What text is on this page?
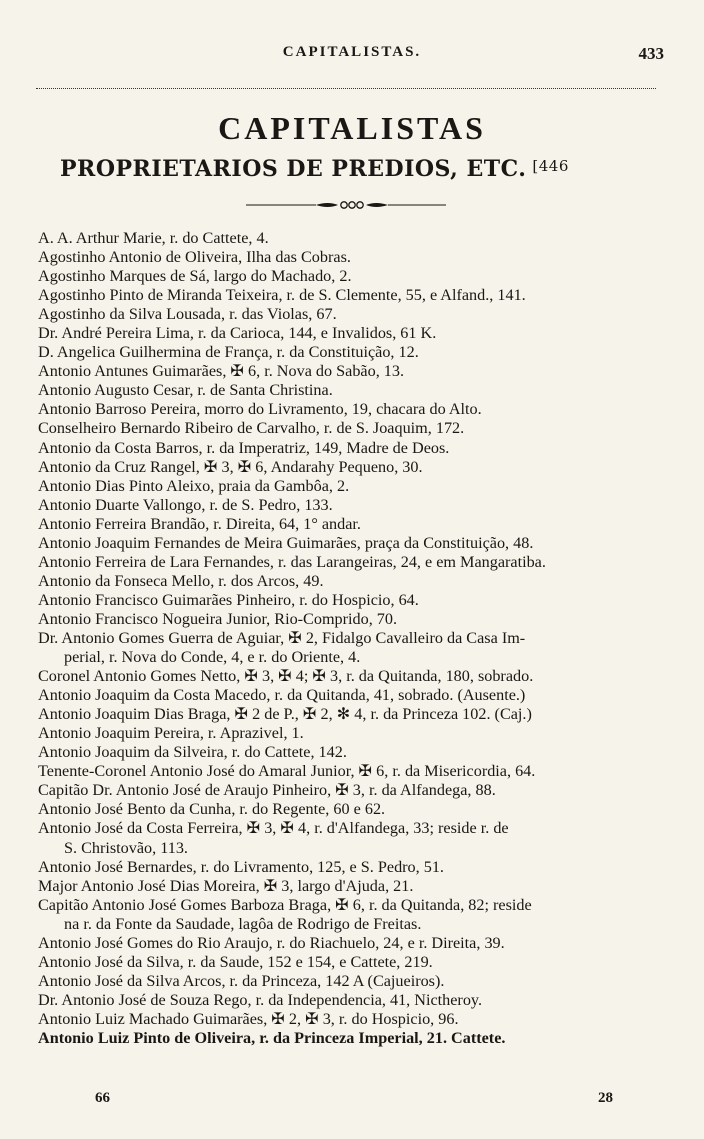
CAPITALISTAS.	433
CAPITALISTAS
PROPRIETARIOS DE PREDIOS, ETC. $^{[446}$
A. A. Arthur Marie, r. do Cattete, 4.
Agostinho Antonio de Oliveira, Ilha das Cobras.
Agostinho Marques de Sá, largo do Machado, 2.
Agostinho Pinto de Miranda Teixeira, r. de S. Clemente, 55, e Alfand., 141.
Agostinho da Silva Lousada, r. das Violas, 67.
Dr. André Pereira Lima, r. da Carioca, 144, e Invalidos, 61 K.
D. Angelica Guilhermina de França, r. da Constituição, 12.
Antonio Antunes Guimarães, ✠ 6, r. Nova do Sabão, 13.
Antonio Augusto Cesar, r. de Santa Christina.
Antonio Barroso Pereira, morro do Livramento, 19, chacara do Alto.
Conselheiro Bernardo Ribeiro de Carvalho, r. de S. Joaquim, 172.
Antonio da Costa Barros, r. da Imperatriz, 149, Madre de Deos.
Antonio da Cruz Rangel, ✠ 3, ✠ 6, Andarahy Pequeno, 30.
Antonio Dias Pinto Aleixo, praia da Gambôa, 2.
Antonio Duarte Vallongo, r. de S. Pedro, 133.
Antonio Ferreira Brandão, r. Direita, 64, 1° andar.
Antonio Joaquim Fernandes de Meira Guimarães, praça da Constituição, 48.
Antonio Ferreira de Lara Fernandes, r. das Larangeiras, 24, e em Mangaratiba.
Antonio da Fonseca Mello, r. dos Arcos, 49.
Antonio Francisco Guimarães Pinheiro, r. do Hospicio, 64.
Antonio Francisco Nogueira Junior, Rio-Comprido, 70.
Dr. Antonio Gomes Guerra de Aguiar, ✠ 2, Fidalgo Cavalleiro da Casa Im-
perial, r. Nova do Conde, 4, e r. do Oriente, 4.
Coronel Antonio Gomes Netto, ✠ 3, ✠ 4; ✠ 3, r. da Quitanda, 180, sobrado.
Antonio Joaquim da Costa Macedo, r. da Quitanda, 41, sobrado. (Ausente.)
Antonio Joaquim Dias Braga, ✠ 2 de P., ✠ 2, ✻ 4, r. da Princeza 102. (Caj.)
Antonio Joaquim Pereira, r. Aprazivel, 1.
Antonio Joaquim da Silveira, r. do Cattete, 142.
Tenente-Coronel Antonio José do Amaral Junior, ✠ 6, r. da Misericordia, 64.
Capitão Dr. Antonio José de Araujo Pinheiro, ✠ 3, r. da Alfandega, 88.
Antonio José Bento da Cunha, r. do Regente, 60 e 62.
Antonio José da Costa Ferreira, ✠ 3, ✠ 4, r. d'Alfandega, 33; reside r. de
S. Christovão, 113.
Antonio José Bernardes, r. do Livramento, 125, e S. Pedro, 51.
Major Antonio José Dias Moreira, ✠ 3, largo d'Ajuda, 21.
Capitão Antonio José Gomes Barboza Braga, ✠ 6, r. da Quitanda, 82; reside
na r. da Fonte da Saudade, lagôa de Rodrigo de Freitas.
Antonio José Gomes do Rio Araujo, r. do Riachuelo, 24, e r. Direita, 39.
Antonio José da Silva, r. da Saude, 152 e 154, e Cattete, 219.
Antonio José da Silva Arcos, r. da Princeza, 142 A (Cajueiros).
Dr. Antonio José de Souza Rego, r. da Independencia, 41, Nictheroy.
Antonio Luiz Machado Guimarães, ✠ 2, ✠ 3, r. do Hospicio, 96.
Antonio Luiz Pinto de Oliveira, r. da Princeza Imperial, 21. Cattete.
66	28
